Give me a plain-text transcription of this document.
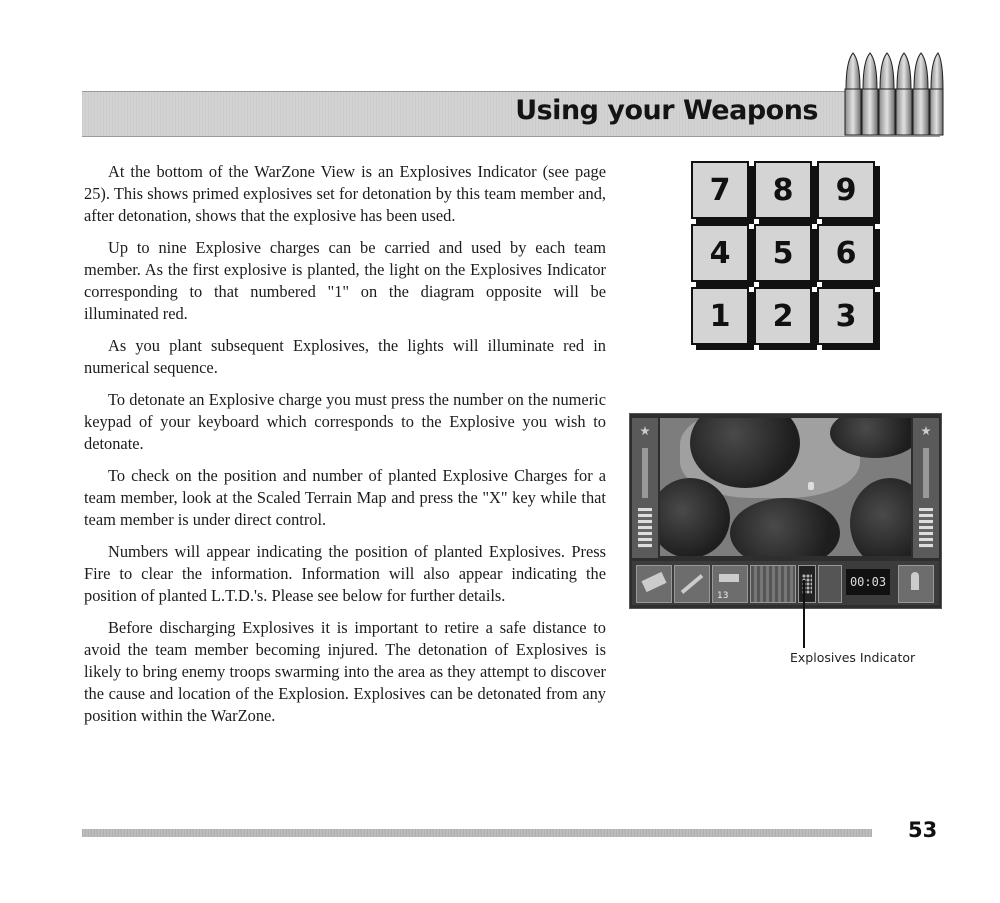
Using your Weapons

At the bottom of the WarZone View is an Explosives Indicator (see page 25). This shows primed explosives set for detonation by this team member and, after detonation, shows that the explosive has been used.

Up to nine Explosive charges can be carried and used by each team member. As the first explosive is planted, the light on the Explosives Indicator corresponding to that numbered "1" on the diagram opposite will be illuminated red.

As you plant subsequent Explosives, the lights will illuminate red in numerical sequence.

To detonate an Explosive charge you must press the number on the numeric keypad of your keyboard which corresponds to the Explosive you wish to detonate.

To check on the position and number of planted Explosive Charges for a team member, look at the Scaled Terrain Map and press the "X" key while that team member is under direct control.

Numbers will appear indicating the position of planted Explosives. Press Fire to clear the information. Information will also appear indicating the position of planted L.T.D.'s. Please see below for further details.

Before discharging Explosives it is important to retire a safe distance to avoid the team member becoming injured. The detonation of Explosives is likely to bring enemy troops swarming into the area as they attempt to discover the cause and location of the Explosion. Explosives can be detonated from any position within the WarZone.

7	8	9
4	5	6
1	2	3
13
00:03
Explosives Indicator
53
